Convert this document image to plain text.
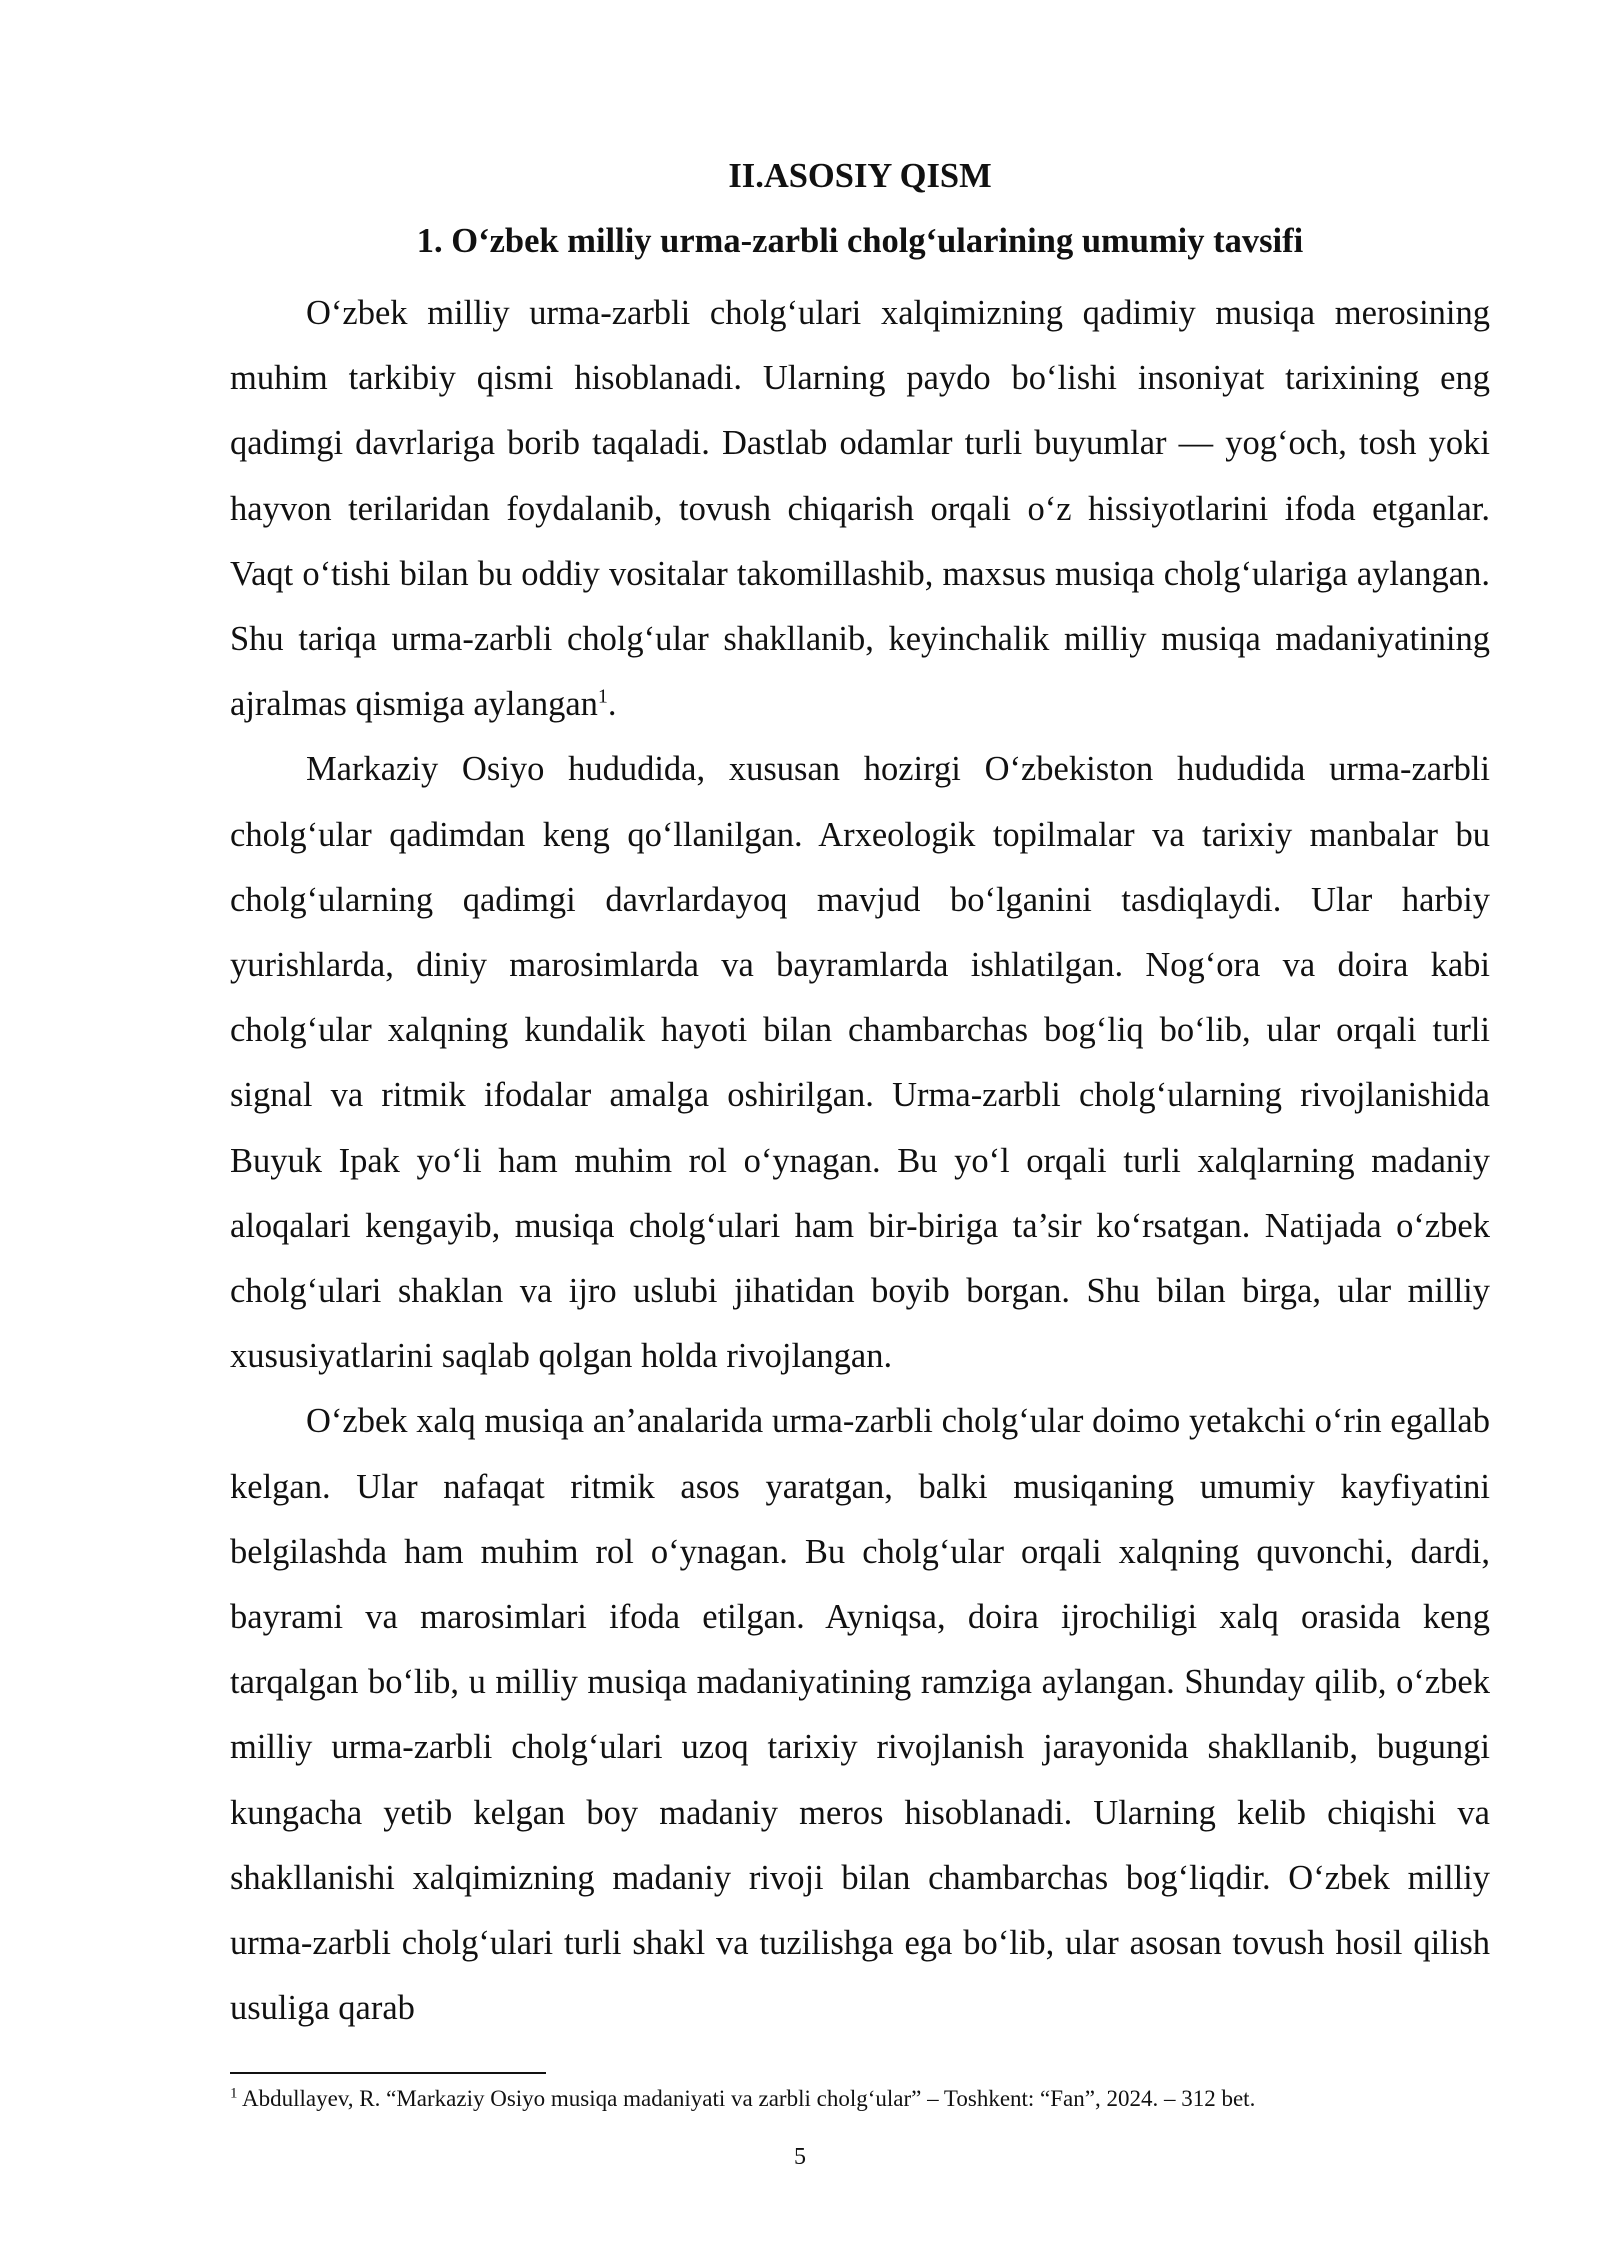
II.ASOSIY QISM
1. O‘zbek milliy urma-zarbli cholg‘ularining umumiy tavsifi

O‘zbek milliy urma-zarbli cholg‘ulari xalqimizning qadimiy musiqa merosining muhim tarkibiy qismi hisoblanadi. Ularning paydo bo‘lishi insoniyat tarixining eng qadimgi davrlariga borib taqaladi. Dastlab odamlar turli buyumlar — yog‘och, tosh yoki hayvon terilaridan foydalanib, tovush chiqarish orqali o‘z hissiyotlarini ifoda etganlar. Vaqt o‘tishi bilan bu oddiy vositalar takomillashib, maxsus musiqa cholg‘ulariga aylangan. Shu tariqa urma-zarbli cholg‘ular shakllanib, keyinchalik milliy musiqa madaniyatining ajralmas qismiga aylangan$^1$.

Markaziy Osiyo hududida, xususan hozirgi O‘zbekiston hududida urma-zarbli cholg‘ular qadimdan keng qo‘llanilgan. Arxeologik topilmalar va tarixiy manbalar bu cholg‘ularning qadimgi davrlardayoq mavjud bo‘lganini tasdiqlaydi. Ular harbiy yurishlarda, diniy marosimlarda va bayramlarda ishlatilgan. Nog‘ora va doira kabi cholg‘ular xalqning kundalik hayoti bilan chambarchas bog‘liq bo‘lib, ular orqali turli signal va ritmik ifodalar amalga oshirilgan. Urma-zarbli cholg‘ularning rivojlanishida Buyuk Ipak yo‘li ham muhim rol o‘ynagan. Bu yo‘l orqali turli xalqlarning madaniy aloqalari kengayib, musiqa cholg‘ulari ham bir-biriga ta’sir ko‘rsatgan. Natijada o‘zbek cholg‘ulari shaklan va ijro uslubi jihatidan boyib borgan. Shu bilan birga, ular milliy xususiyatlarini saqlab qolgan holda rivojlangan.

O‘zbek xalq musiqa an’analarida urma-zarbli cholg‘ular doimo yetakchi o‘rin egallab kelgan. Ular nafaqat ritmik asos yaratgan, balki musiqaning umumiy kayfiyatini belgilashda ham muhim rol o‘ynagan. Bu cholg‘ular orqali xalqning quvonchi, dardi, bayrami va marosimlari ifoda etilgan. Ayniqsa, doira ijrochiligi xalq orasida keng tarqalgan bo‘lib, u milliy musiqa madaniyatining ramziga aylangan. Shunday qilib, o‘zbek milliy urma-zarbli cholg‘ulari uzoq tarixiy rivojlanish jarayonida shakllanib, bugungi kungacha yetib kelgan boy madaniy meros hisoblanadi. Ularning kelib chiqishi va shakllanishi xalqimizning madaniy rivoji bilan chambarchas bog‘liqdir. O‘zbek milliy urma-zarbli cholg‘ulari turli shakl va tuzilishga ega bo‘lib, ular asosan tovush hosil qilish usuliga qarab

$^1$ Abdullayev, R. “Markaziy Osiyo musiqa madaniyati va zarbli cholg‘ular” – Toshkent: “Fan”, 2024. – 312 bet.

5
